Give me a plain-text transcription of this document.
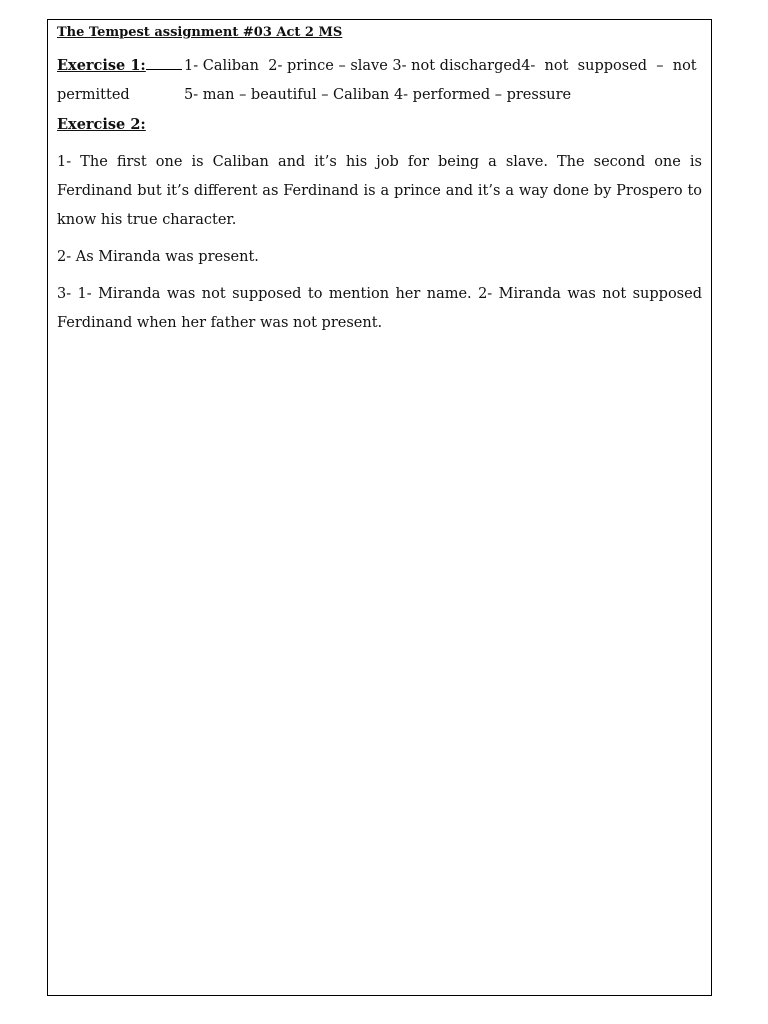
The Tempest assignment #03 Act 2 MS

Exercise 1:	1- Caliban  2- prince – slave 3- not discharged4-  not  supposed  –  not
permitted	5- man – beautiful – Caliban 4- performed – pressure

Exercise 2:

1- The first one is Caliban and it’s his job for being a slave. The second one is Ferdinand but it’s different as Ferdinand is a prince and it’s a way done by Prospero to know his true character.

2- As Miranda was present.

3- 1- Miranda was not supposed to mention her name. 2- Miranda was not supposed Ferdinand when her father was not present.
